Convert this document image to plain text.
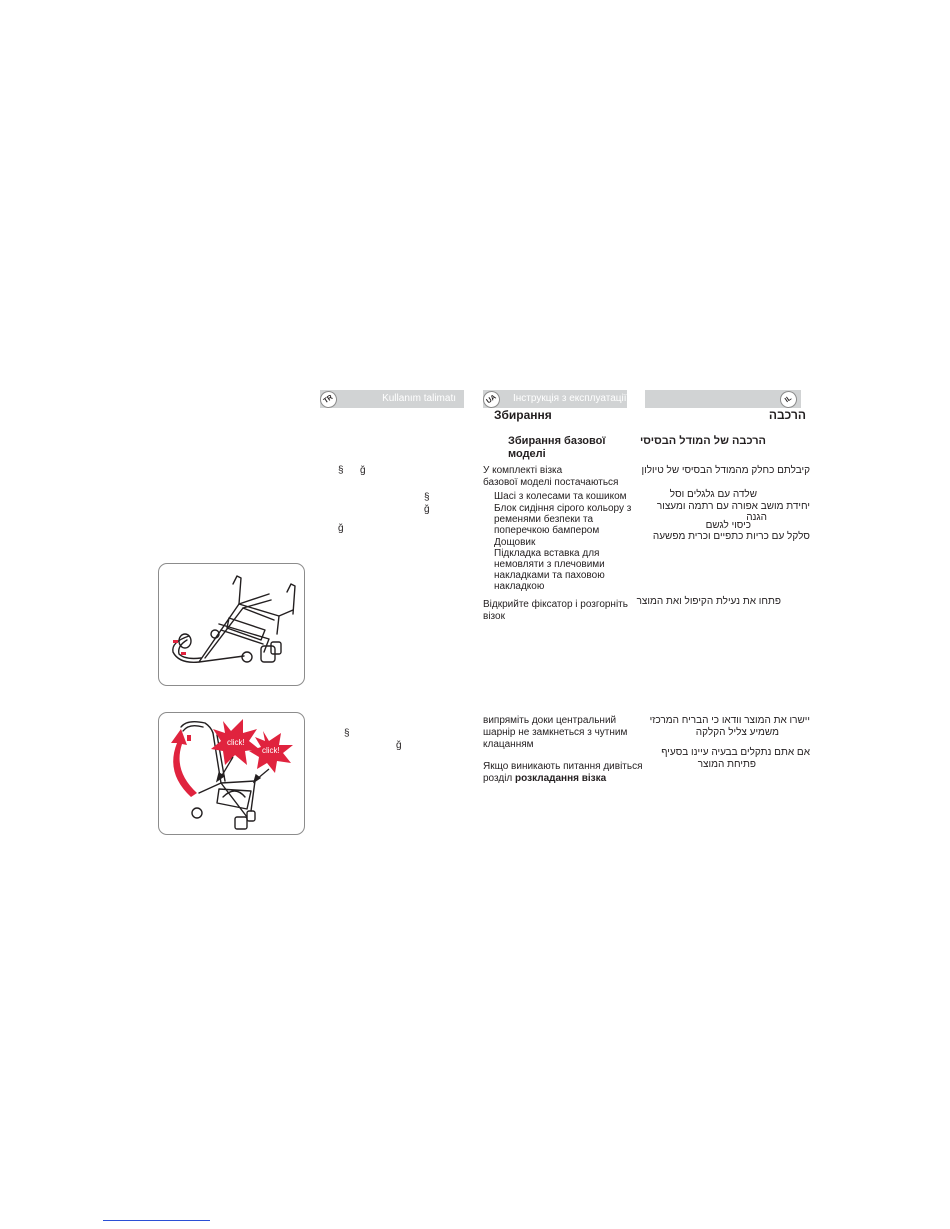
Kullanım talimatı
TR
§ ğ
§
ğ
ğ
§
ğ
Інструкція з експлуатації
UA
Збирання
Збирання базової
моделі
У комплекті візка
базової моделі постачаються
Шасі з колесами та кошиком
Блок сидіння сірого кольору з
ременями безпеки та
поперечкою бампером
Дощовик
Підкладка вставка для
немовляти з плечовими
накладками та паховою
накладкою
Відкрийте фіксатор і розгорніть
візок
випрямiть доки центральний
шарнір не замкнеться з чутним
клацанням
Якщо виникають питання дивіться
розділ розкладання візка
IL
הרכבה
הרכבה של המודל הבסיסי
קיבלתם כחלק מהמודל הבסיסי של טיולון
שלדה עם גלגלים וסל
יחידת מושב אפורה עם רתמה ומעצור
הגנה
כיסוי לגשם
סלקל עם כריות כתפיים וכרית מפשעה
פתחו את נעילת הקיפול ואת המוצר
יישרו את המוצר וודאו כי הבריח המרכזי
משמיע צליל הקלקה
אם אתם נתקלים בבעיה עיינו בסעיף
פתיחת המוצר
click!
click!
